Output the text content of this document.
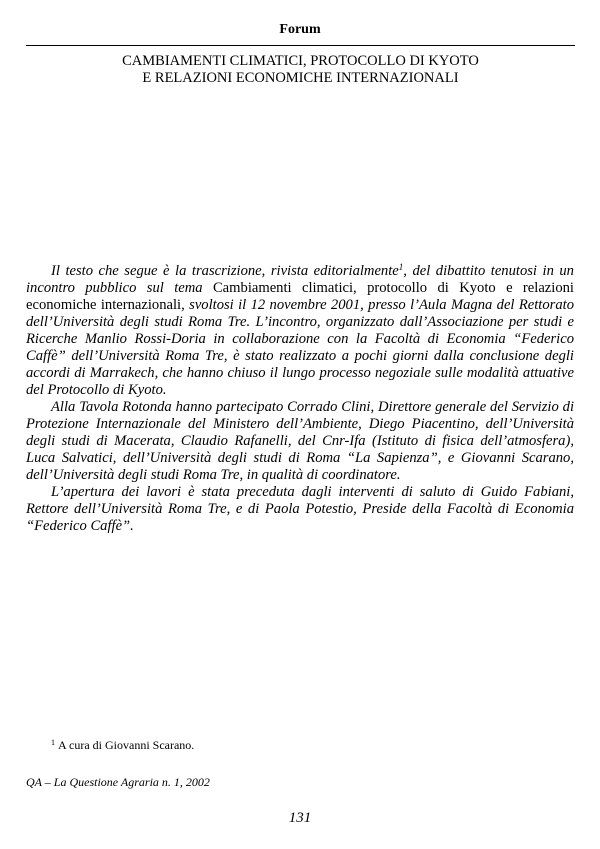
Forum
CAMBIAMENTI CLIMATICI, PROTOCOLLO DI KYOTO
E RELAZIONI ECONOMICHE INTERNAZIONALI

Il testo che segue è la trascrizione, rivista editorialmente$^1$, del dibattito tenutosi in un incontro pubblico sul tema Cambiamenti climatici, protocollo di Kyoto e relazioni economiche internazionali, svoltosi il 12 novembre 2001, presso l’Aula Magna del Rettorato dell’Università degli studi Roma Tre. L’incontro, organizzato dall’Associazione per studi e Ricerche Manlio Rossi-Doria in collaborazione con la Facoltà di Economia “Federico Caffè” dell’Università Roma Tre, è stato realizzato a pochi giorni dalla conclusione degli accordi di Marrakech, che hanno chiuso il lungo processo negoziale sulle modalità attuative del Protocollo di Kyoto.

Alla Tavola Rotonda hanno partecipato Corrado Clini, Direttore generale del Servizio di Protezione Internazionale del Ministero dell’Ambiente, Diego Piacentino, dell’Università degli studi di Macerata, Claudio Rafanelli, del Cnr-Ifa (Istituto di fisica dell’atmosfera), Luca Salvatici, dell’Università degli studi di Roma “La Sapienza”, e Giovanni Scarano, dell’Università degli studi Roma Tre, in qualità di coordinatore.

L’apertura dei lavori è stata preceduta dagli interventi di saluto di Guido Fabiani, Rettore dell’Università Roma Tre, e di Paola Potestio, Preside della Facoltà di Economia “Federico Caffè”.

$^1$ A cura di Giovanni Scarano.
QA – La Questione Agraria n. 1, 2002
131
